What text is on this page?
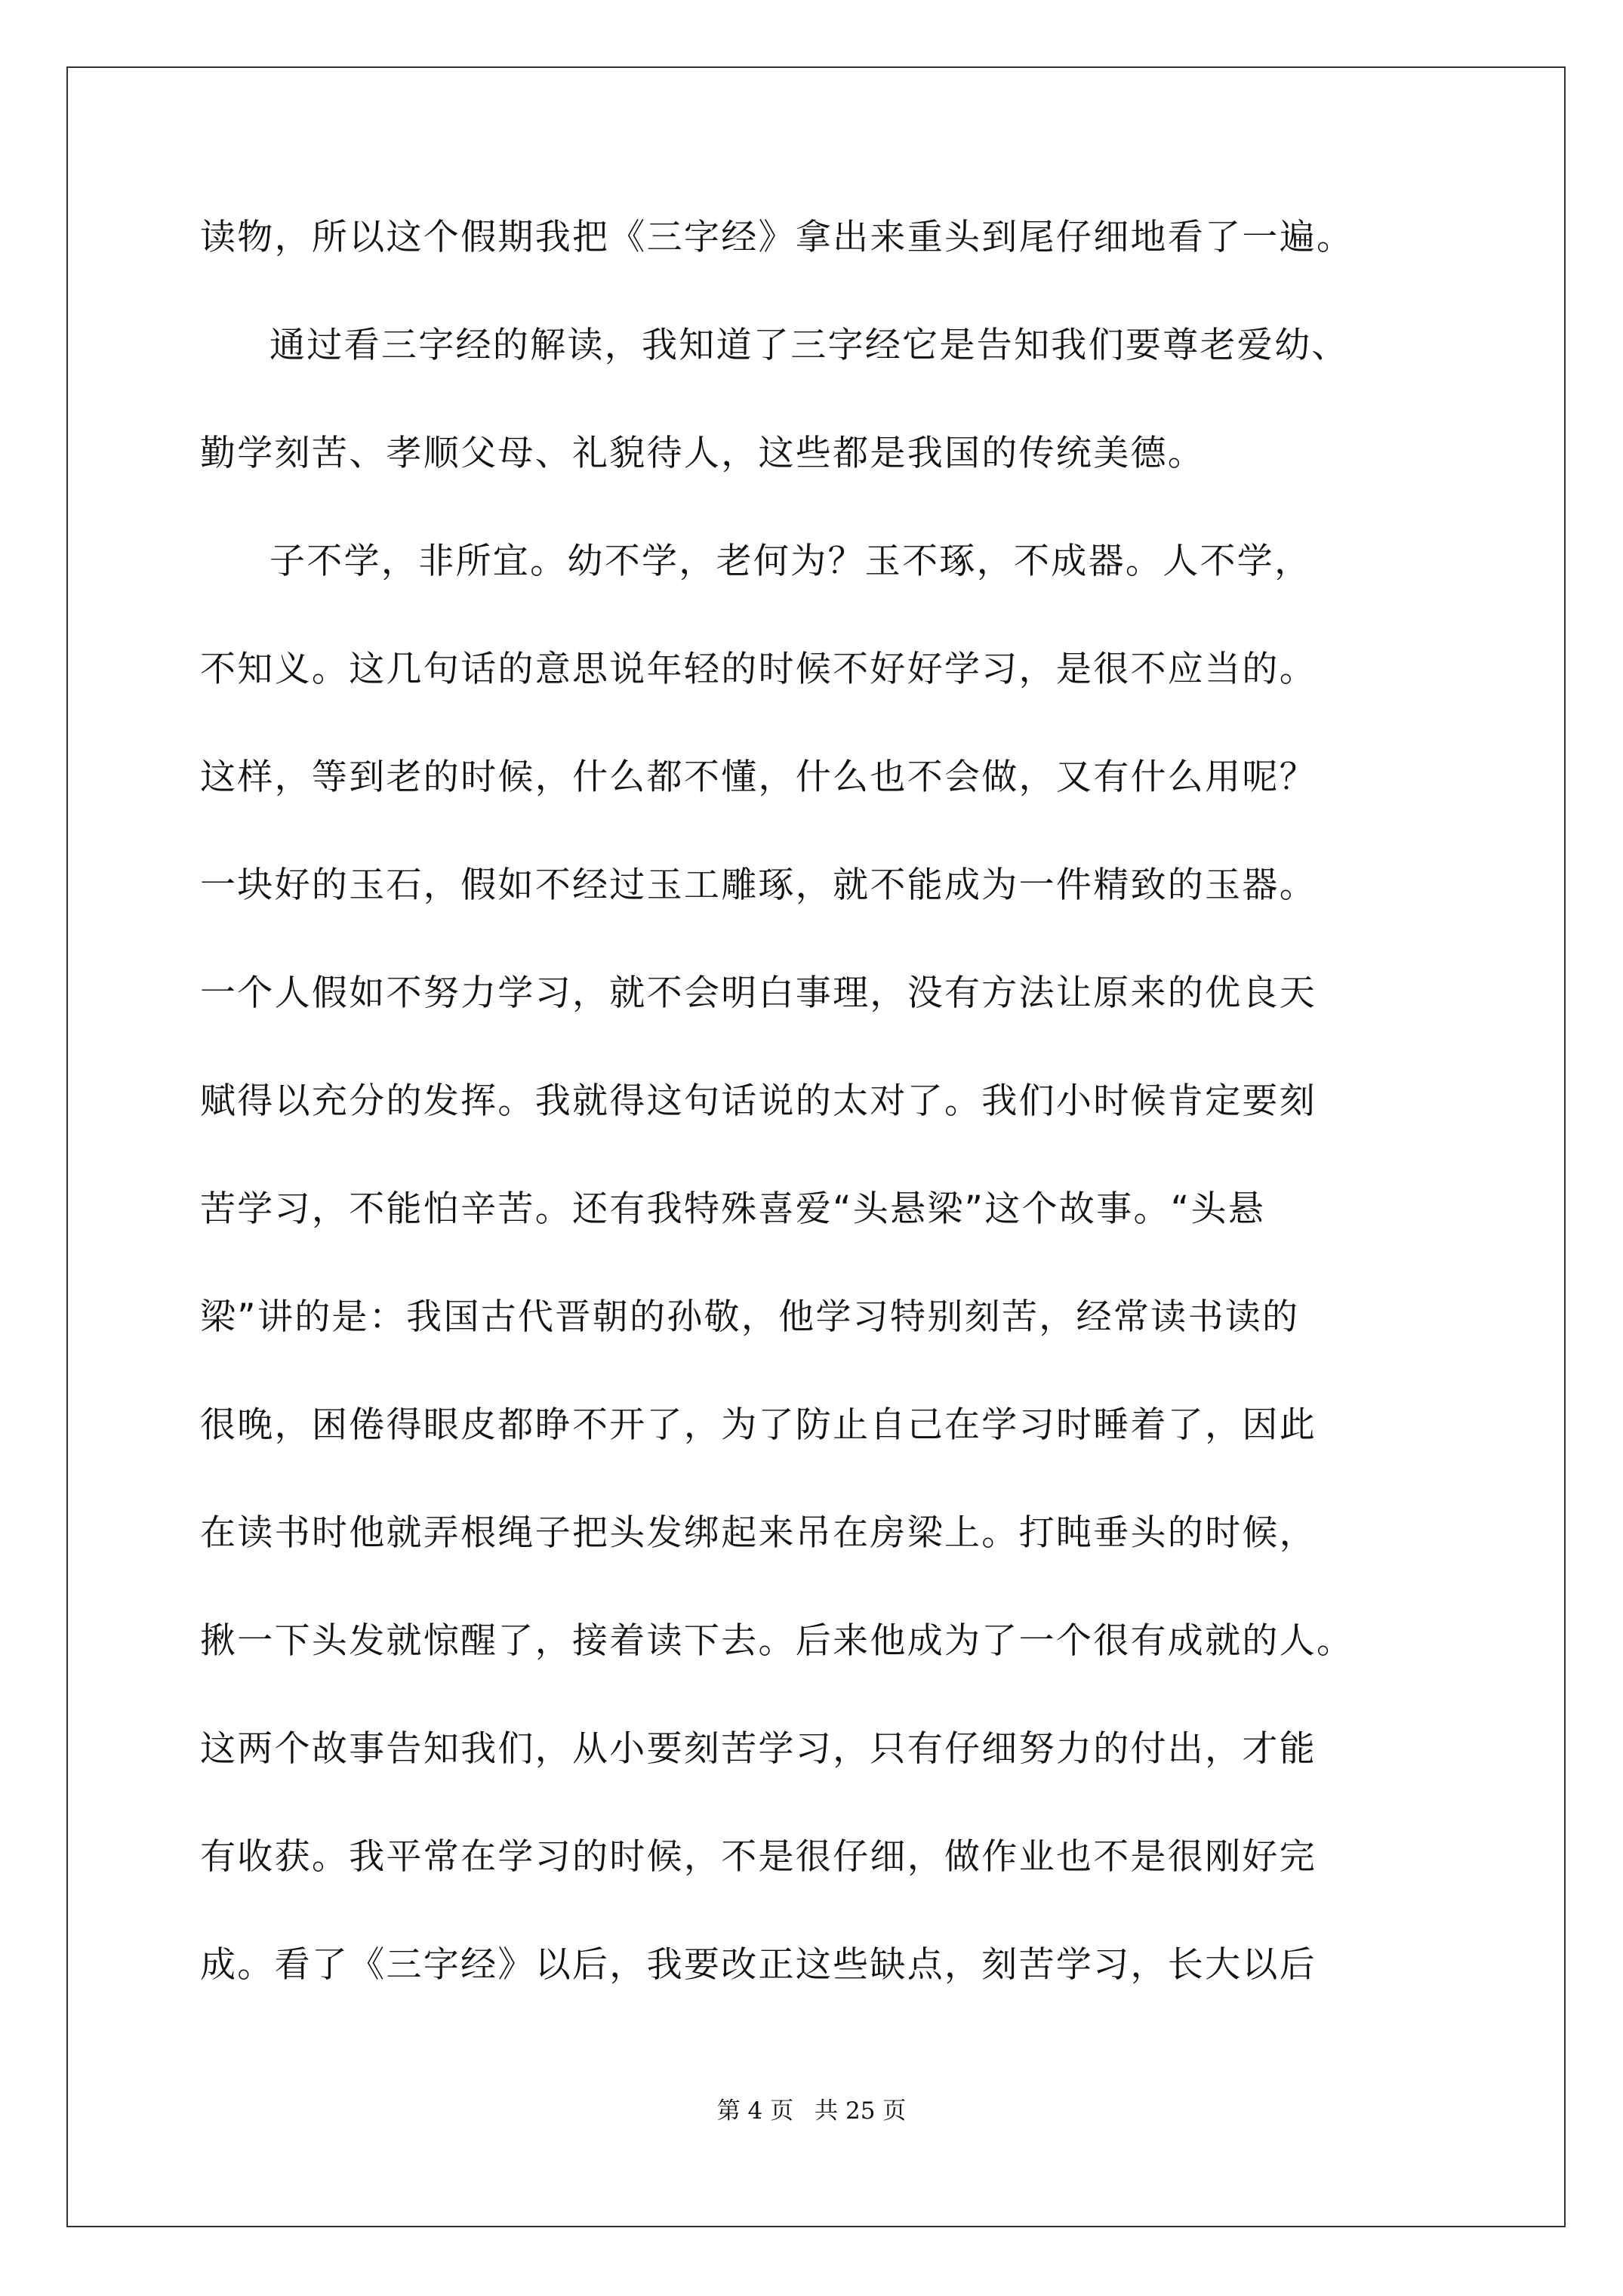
读物，所以这个假期我把《三字经》拿出来重头到尾仔细地看了一遍。
通过看三字经的解读，我知道了三字经它是告知我们要尊老爱幼、
勤学刻苦、孝顺父母、礼貌待人，这些都是我国的传统美德。
子不学，非所宜。幼不学，老何为？玉不琢，不成器。人不学，
不知义。这几句话的意思说年轻的时候不好好学习，是很不应当的。
这样，等到老的时候，什么都不懂，什么也不会做，又有什么用呢？
一块好的玉石，假如不经过玉工雕琢，就不能成为一件精致的玉器。
一个人假如不努力学习，就不会明白事理，没有方法让原来的优良天
赋得以充分的发挥。我就得这句话说的太对了。我们小时候肯定要刻
苦学习，不能怕辛苦。还有我特殊喜爱“头悬梁”这个故事。“头悬
梁”讲的是：我国古代晋朝的孙敬，他学习特别刻苦，经常读书读的
很晚，困倦得眼皮都睁不开了，为了防止自己在学习时睡着了，因此
在读书时他就弄根绳子把头发绑起来吊在房梁上。打盹垂头的时候，
揪一下头发就惊醒了，接着读下去。后来他成为了一个很有成就的人。
这两个故事告知我们，从小要刻苦学习，只有仔细努力的付出，才能
有收获。我平常在学习的时候，不是很仔细，做作业也不是很刚好完
成。看了《三字经》以后，我要改正这些缺点，刻苦学习，长大以后
第 4 页 共 25 页
